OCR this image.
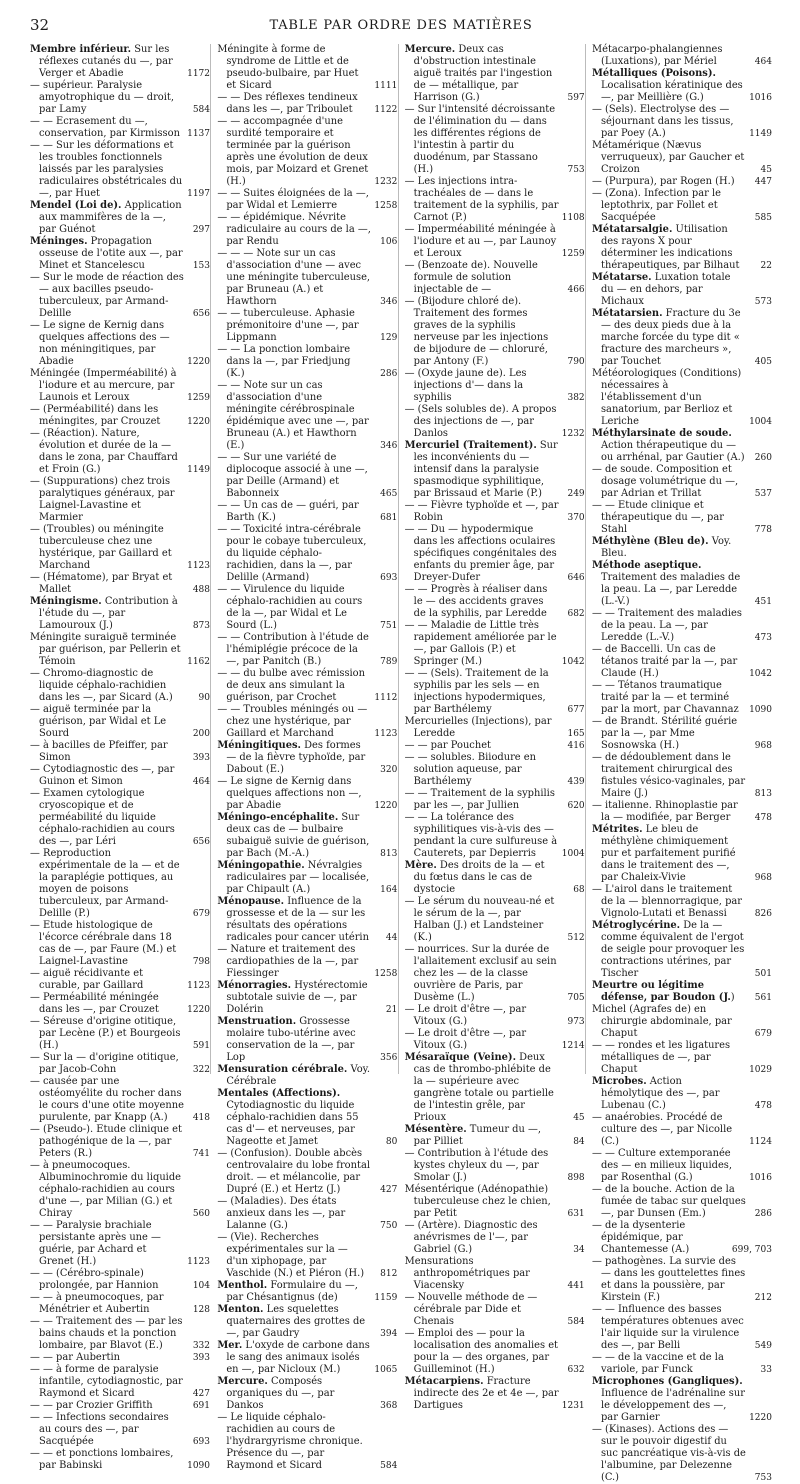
32	TABLE PAR ORDRE DES MATIÈRES

Membre inférieur. Sur les réflexes cutanés du —, par Verger et Abadie	1172

— supérieur. Paralysie amyotrophique du — droit, par Lamy	584

— — Ecrasement du —, conservation, par Kirmisson 1137

— — Sur les déformations et les troubles fonctionnels laissés par les paralysies radiculaires obstétricales du —, par Huet	1197

Mendel (Loi de). Application aux mammifères de la —, par Guénot	297

Méninges. Propagation osseuse de l'otite aux —, par Minet et Stancelescu	153

— Sur le mode de réaction des — aux bacilles pseudo-tuberculeux, par Armand-Delille	656

— Le signe de Kernig dans quelques affections des — non méningitiques, par Abadie	1220

Méningée (Imperméabilité) à l'iodure et au mercure, par Launois et Leroux	1259

— (Perméabilité) dans les méningites, par Crouzet	1220

— (Réaction). Nature, évolution et durée de la — dans le zona, par Chauffard et Froin (G.)	1149

— (Suppurations) chez trois paralytiques généraux, par Laignel-Lavastine et Marmier

— (Troubles) ou méningite tuberculeuse chez une hystérique, par Gaillard et Marchand	1123

— (Hématome), par Bryat et Mallet	488

Méningisme. Contribution à l'étude du —, par Lamouroux (J.)	873

Méningite suraiguë terminée par guérison, par Pellerin et Témoin	1162

— Chromo-diagnostic de liquide céphalo-rachidien dans les —, par Sicard (A.)	90

— aiguë terminée par la guérison, par Widal et Le Sourd	200

— à bacilles de Pfeiffer, par Simon	393

— Cytodiagnostic des —, par Guinon et Simon	464

— Examen cytologique cryoscopique et de perméabilité du liquide céphalo-rachidien au cours des —, par Léri	656

— Reproduction expérimentale de la — et de la paraplégie pottiques, au moyen de poisons tuberculeux, par Armand-Delille (P.)	679

— Etude histologique de l'écorce cérébrale dans 18 cas de —, par Faure (M.) et Laignel-Lavastine	798

— aiguë récidivante et curable, par Gaillard	1123

— Perméabilité méningée dans les —, par Crouzet	1220

— Séreuse d'origine otitique, par Lecène (P.) et Bourgeois (H.)	591

— Sur la — d'origine otitique, par Jacob-Cohn	322

— causée par une ostéomyélite du rocher dans le cours d'une otite moyenne purulente, par Knapp (A.)	418

— (Pseudo-). Etude clinique et pathogénique de la —, par Peters (R.)	741

— à pneumocoques. Albuminochromie du liquide céphalo-rachidien au cours d'une —, par Milian (G.) et Chiray	560

— — Paralysie brachiale persistante après une — guérie, par Achard et Grenet (H.)	1123

— — (Cérébro-spinale) prolongée, par Hannion	104

— — à pneumocoques, par Ménétrier et Aubertin	128

— — Traitement des — par les bains chauds et la ponction lombaire, par Blavot (E.)	332

— — par Aubertin	393

— — à forme de paralysie infantile, cytodiagnostic, par Raymond et Sicard	427

— — par Crozier Griffith	691

— — Infections secondaires au cours des —, par Sacquépée	693

— — et ponctions lombaires, par Babinski	1090

Méningite à forme de syndrome de Little et de pseudo-bulbaire, par Huet et Sicard	1111

— — Des réflexes tendineux dans les —, par Triboulet 1122

— — accompagnée d'une surdité temporaire et terminée par la guérison après une évolution de deux mois, par Moizard et Grenet (H.)	1232

— — Suites éloignées de la —, par Widal et Lemierre	1258

— — épidémique. Névrite radiculaire au cours de la —, par Rendu	106

— — — Note sur un cas d'association d'une — avec une méningite tuberculeuse, par Bruneau (A.) et Hawthorn	346

— — tuberculeuse. Aphasie prémonitoire d'une —, par Lippmann	129

— — La ponction lombaire dans la —, par Friedjung (K.)	286

— — Note sur un cas d'association d'une méningite cérébrospinale épidémique avec une —, par Bruneau (A.) et Hawthorn (E.)	346

— — Sur une variété de diplocoque associé à une —, par Deille (Armand) et Babonneix	465

— — Un cas de — guéri, par Barth (K.)	681

— — Toxicité intra-cérébrale pour le cobaye tuberculeux, du liquide céphalo-rachidien, dans la —, par Delille (Armand)	693

— — Virulence du liquide céphalo-rachidien au cours de la —, par Widal et Le Sourd (L.)	751

— — Contribution à l'étude de l'hémiplégie précoce de la —, par Panitch (B.)	789

— — du bulbe avec rémission de deux ans simulant la guérison, par Crochet	1112

— — Troubles méningés ou — chez une hystérique, par Gaillard et Marchand	1123

Méningitiques. Des formes — de la fièvre typhoïde, par Dabout (E.)	320

— Le signe de Kernig dans quelques affections non —, par Abadie	1220

Méningo-encéphalite. Sur deux cas de — bulbaire subaiguë suivie de guérison, par Bach (M.-A.)	813

Méningopathie. Névralgies radiculaires par — localisée, par Chipault (A.)	164

Ménopause. Influence de la grossesse et de la — sur les résultats des opérations radicales pour cancer utérin 44

— Nature et traitement des cardiopathies de la —, par Fiessinger	1258

Ménorragies. Hystérectomie subtotale suivie de —, par Dolérin	21

Menstruation. Grossesse molaire tubo-utérine avec conservation de la —, par Lop	356

Mensuration cérébrale. Voy. Cérébrale

Mentales (Affections). Cytodiagnostic du liquide céphalo-rachidien dans 55 cas d'— et nerveuses, par Nageotte et Jamet	80

— (Confusion). Double abcès centrovalaire du lobe frontal droit. — et mélancolie, par Dupré (E.) et Hertz (J.)	427

— (Maladies). Des états anxieux dans les —, par Lalanne (G.)	750

— (Vie). Recherches expérimentales sur la — d'un xiphopage, par Vaschide (N.) et Piéron (H.) 812

Menthol. Formulaire du —, par Chésantignus (de)	1159

Menton. Les squelettes quaternaires des grottes de —, par Gaudry	394

Mer. L'oxyde de carbone dans le sang des animaux isolés en —, par Nicloux (M.)	1065

Mercure. Composés organiques du —, par Dankos	368

— Le liquide céphalo-rachidien au cours de l'hydrargyrisme chronique. Présence du —, par Raymond et Sicard	584

Mercure. Deux cas d'obstruction intestinale aiguë traités par l'ingestion de — métallique, par Harrison (G.)	597

— Sur l'intensité décroissante de l'élimination du — dans les différentes régions de l'intestin à partir du duodénum, par Stassano (H.)	753

— Les injections intra-trachéales de — dans le traitement de la syphilis, par Carnot (P.)	1108

— Imperméabilité méningée à l'iodure et au —, par Launoy et Leroux	1259

— (Benzoate de). Nouvelle formule de solution injectable de —	466

— (Bijodure chloré de). Traitement des formes graves de la syphilis nerveuse par les injections de bijodure de — chloruré, par Antony (F.)	790

— (Oxyde jaune de). Les injections d'— dans la syphilis	382

— (Sels solubles de). A propos des injections de —, par Danlos	1232

Mercuriel (Traitement). Sur les inconvénients du — intensif dans la paralysie spasmodique syphilitique, par Brissaud et Marie (P.)	249

— — Fièvre typhoïde et —, par Robin	370

— — Du — hypodermique dans les affections oculaires spécifiques congénitales des enfants du premier âge, par Dreyer-Dufer	646

— — Progrès à réaliser dans le — des accidents graves de la syphilis, par Leredde 682

— — Maladie de Little très rapidement améliorée par le —, par Gallois (P.) et Springer (M.)	1042

— — (Sels). Traitement de la syphilis par les sels — en injections hypodermiques, par Barthélemy	677

Mercurielles (Injections), par Leredde	165

— — par Pouchet	416

— — solubles. Biiodure en solution aqueuse, par Barthélemy	439

— — Traitement de la syphilis par les —, par Jullien	620

— — La tolérance des syphilitiques vis-à-vis des — pendant la cure sulfureuse à Cauterets, par Depierris	1004

Mère. Des droits de la — et du fœtus dans le cas de dystocie	68

— Le sérum du nouveau-né et le sérum de la —, par Halban (J.) et Landsteiner (K.)	512

— nourrices. Sur la durée de l'allaitement exclusif au sein chez les — de la classe ouvrière de Paris, par Dusème (L.)	705

— Le droit d'être —, par Vitoux (G.)	973

— Le droit d'être —, par Vitoux (G.)	1214

Mésaraïque (Veine). Deux cas de thrombo-phlébite de la — supérieure avec gangrène totale ou partielle de l'intestin grêle, par Prioux	45

Mésentère. Tumeur du —, par Pilliet	84

— Contribution à l'étude des kystes chyleux du —, par Smolar (J.)	898

Mésentérique (Adénopathie) tuberculeuse chez le chien, par Petit	631

— (Artère). Diagnostic des anévrismes de l'—, par Gabriel (G.)	34

Mensurations anthropométriques par Viacensky	441

— Nouvelle méthode de — cérébrale par Dide et Chenais	584

— Emploi des — pour la localisation des anomalies et pour la — des organes, par Guilleminot (H.)	632

Métacarpiens. Fracture indirecte des 2e et 4e —, par Dartigues	1231

Métacarpo-phalangiennes (Luxations), par Mériel	464

Métalliques (Poisons). Localisation kératinique des —, par Meillière (G.)	1016

— (Sels). Electrolyse des — séjournant dans les tissus, par Poey (A.)	1149

Métamérique (Nævus verruqueux), par Gaucher et Croizon	45

— (Purpura), par Rogen (H.) 447

— (Zona). Infection par le leptothrix, par Follet et Sacquépée	585

Métatarsalgie. Utilisation des rayons X pour déterminer les indications thérapeutiques, par Bilhaut 22

Métatarse. Luxation totale du — en dehors, par Michaux	573

Métatarsien. Fracture du 3e — des deux pieds due à la marche forcée du type dit « fracture des marcheurs », par Touchet	405

Météorologiques (Conditions) nécessaires à l'établissement d'un sanatorium, par Berlioz et Leriche	1004

Méthylarsinate de soude. Action thérapeutique du — ou arrhénal, par Gautier (A.) 260

— de soude. Composition et dosage volumétrique du —, par Adrian et Trillat	537

— — Etude clinique et thérapeutique du —, par Stahl	778

Méthylène (Bleu de). Voy. Bleu.

Méthode aseptique. Traitement des maladies de la peau. La —, par Leredde (L.-V.)	451

— — Traitement des maladies de la peau. La —, par Leredde (L.-V.)	473

— de Baccelli. Un cas de tétanos traité par la —, par Claude (H.)	1042

— — Tétanos traumatique traité par la — et terminé par la mort, par Chavannaz 1090

— de Brandt. Stérilité guérie par la —, par Mme Sosnowska (H.)	968

— de dédoublement dans le traitement chirurgical des fistules vésico-vaginales, par Maire (J.)	813

— italienne. Rhinoplastie par la — modifiée, par Berger	478

Métrites. Le bleu de méthylène chimiquement pur et parfaitement purifié dans le traitement des —, par Chaleix-Vivie	968

— L'airol dans le traitement de la — blennorragique, par Vignolo-Lutati et Benassi	826

Métroglycérine. De la — comme équivalent de l'ergot de seigle pour provoquer les contractions utérines, par Tischer	501

Meurtre ou légitime défense, par Boudon (J.) 561

Michel (Agrafes de) en chirurgie abdominale, par Chaput	679

— — rondes et les ligatures métalliques de —, par Chaput	1029

Microbes. Action hémolytique des —, par Lubenau (C.)	478

— anaérobies. Procédé de culture des —, par Nicolle (C.)	1124

— — Culture extemporanée des — en milieux liquides, par Rosenthal (G.)	1016

— de la bouche. Action de la fumée de tabac sur quelques —, par Dunsen (Em.)	286

— de la dysenterie épidémique, par Chantemesse (A.)	699, 703

— pathogènes. La survie des — dans les gouttelettes fines et dans la poussière, par Kirstein (F.)	212

— — Influence des basses températures obtenues avec l'air liquide sur la virulence des —, par Belli	549

— — de la vaccine et de la variole, par Funck	33

Microphones (Gangliques). Influence de l'adrénaline sur le développement des —, par Garnier	1220

— (Kinases). Actions des — sur le pouvoir digestif du suc pancréatique vis-à-vis de l'albumine, par Delezenne (C.)	753
